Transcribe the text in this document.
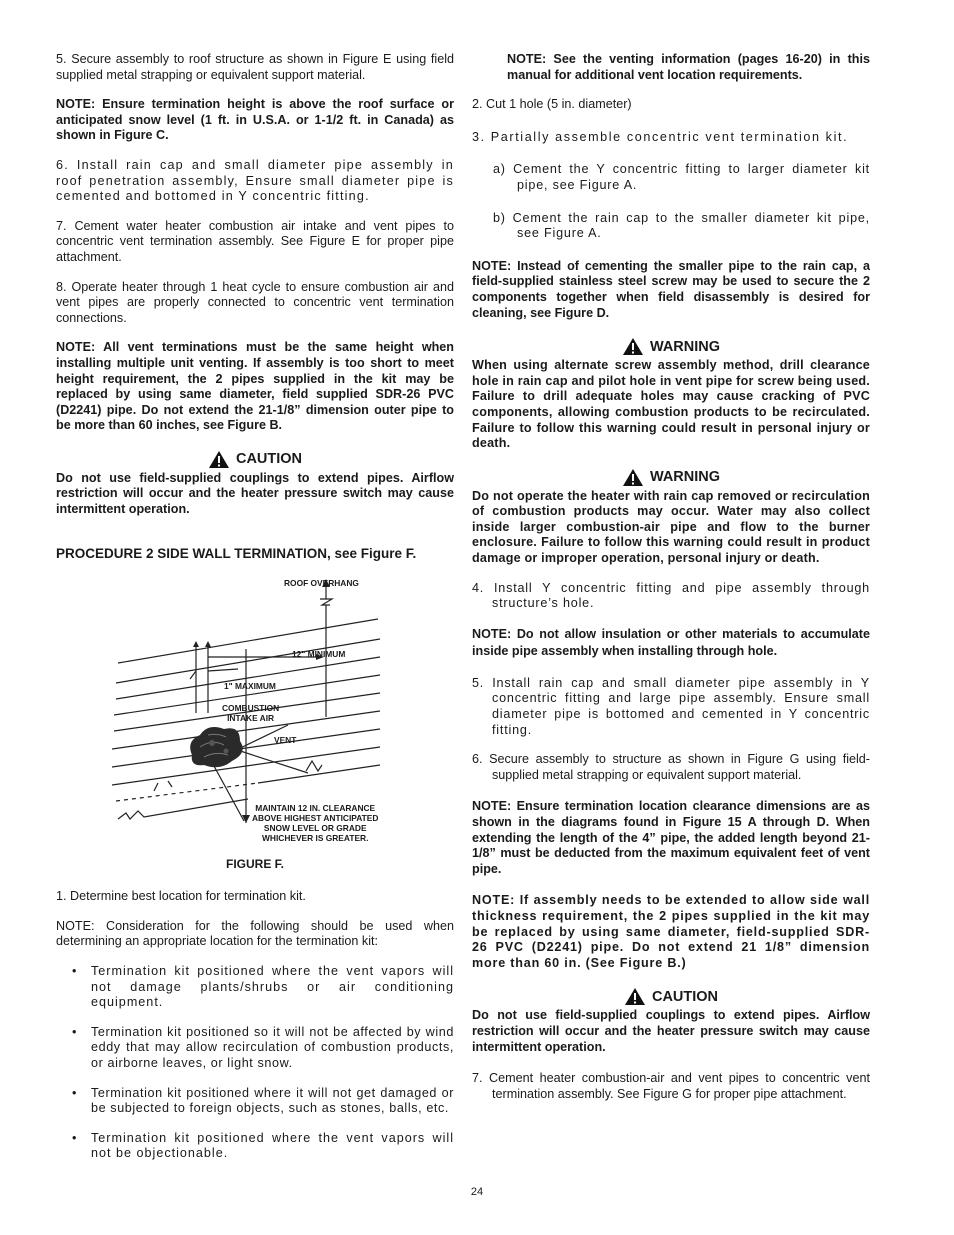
5. Secure assembly to roof structure as shown in Figure E using field supplied metal strapping or equivalent support material.

NOTE: Ensure termination height is above the roof surface or anticipated snow level (1 ft. in U.S.A. or 1-1/2 ft. in Canada) as shown in Figure C.

6. Install rain cap and small diameter pipe assembly in roof penetration assembly, Ensure small diameter pipe is cemented and bottomed in Y concentric fitting.

7. Cement water heater combustion air intake and vent pipes to concentric vent termination assembly. See Figure E for proper pipe attachment.

8. Operate heater through 1 heat cycle to ensure combustion air and vent pipes are properly connected to concentric vent termination connections.

NOTE: All vent terminations must be the same height when installing multiple unit venting. If assembly is too short to meet height requirement, the 2 pipes supplied in the kit may be replaced by using same diameter, field supplied SDR-26 PVC (D2241) pipe. Do not extend the 21-1/8” dimension outer pipe to be more than 60 inches, see Figure B.

CAUTION

Do not use field-supplied couplings to extend pipes. Airflow restriction will occur and the heater pressure switch may cause intermittent operation.

PROCEDURE 2 SIDE WALL TERMINATION, see Figure F.

ROOF OVERHANG
12" MINIMUM
1" MAXIMUM
COMBUSTION
INTAKE AIR
VENT
MAINTAIN 12 IN. CLEARANCE
ABOVE HIGHEST ANTICIPATED
SNOW LEVEL OR GRADE
WHICHEVER IS GREATER.
FIGURE F.

1. Determine best location for termination kit.

NOTE: Consideration for the following should be used when determining an appropriate location for the termination kit:

• Termination kit positioned where the vent vapors will not damage plants/shrubs or air conditioning equipment.

• Termination kit positioned so it will not be affected by wind eddy that may allow recirculation of combustion products, or airborne leaves, or light snow.

• Termination kit positioned where it will not get damaged or be subjected to foreign objects, such as stones, balls, etc.

• Termination kit positioned where the vent vapors will not be objectionable.

NOTE: See the venting information (pages 16-20) in this manual for additional vent location requirements.

2. Cut 1 hole (5 in. diameter)

3. Partially assemble concentric vent termination kit.

a) Cement the Y concentric fitting to larger diameter kit pipe, see Figure A.

b) Cement the rain cap to the smaller diameter kit pipe, see Figure A.

NOTE: Instead of cementing the smaller pipe to the rain cap, a field-supplied stainless steel screw may be used to secure the 2 components together when field disassembly is desired for cleaning, see Figure D.

WARNING

When using alternate screw assembly method, drill clearance hole in rain cap and pilot hole in vent pipe for screw being used. Failure to drill adequate holes may cause cracking of PVC components, allowing combustion products to be recirculated. Failure to follow this warning could result in personal injury or death.

WARNING

Do not operate the heater with rain cap removed or recirculation of combustion products may occur. Water may also collect inside larger combustion-air pipe and flow to the burner enclosure. Failure to follow this warning could result in product damage or improper operation, personal injury or death.

4. Install Y concentric fitting and pipe assembly through structure’s hole.

NOTE: Do not allow insulation or other materials to accumulate inside pipe assembly when installing through hole.

5. Install rain cap and small diameter pipe assembly in Y concentric fitting and large pipe assembly. Ensure small diameter pipe is bottomed and cemented in Y concentric fitting.

6. Secure assembly to structure as shown in Figure G using field-supplied metal strapping or equivalent support material.

NOTE: Ensure termination location clearance dimensions are as shown in the diagrams found in Figure 15 A through D. When extending the length of the 4” pipe, the added length beyond 21-1/8” must be deducted from the maximum equivalent feet of vent pipe.

NOTE: If assembly needs to be extended to allow side wall thickness requirement, the 2 pipes supplied in the kit may be replaced by using same diameter, field-supplied SDR-26 PVC (D2241) pipe. Do not extend 21 1/8” dimension more than 60 in. (See Figure B.)

CAUTION

Do not use field-supplied couplings to extend pipes. Airflow restriction will occur and the heater pressure switch may cause intermittent operation.

7. Cement heater combustion-air and vent pipes to concentric vent termination assembly. See Figure G for proper pipe attachment.

24
